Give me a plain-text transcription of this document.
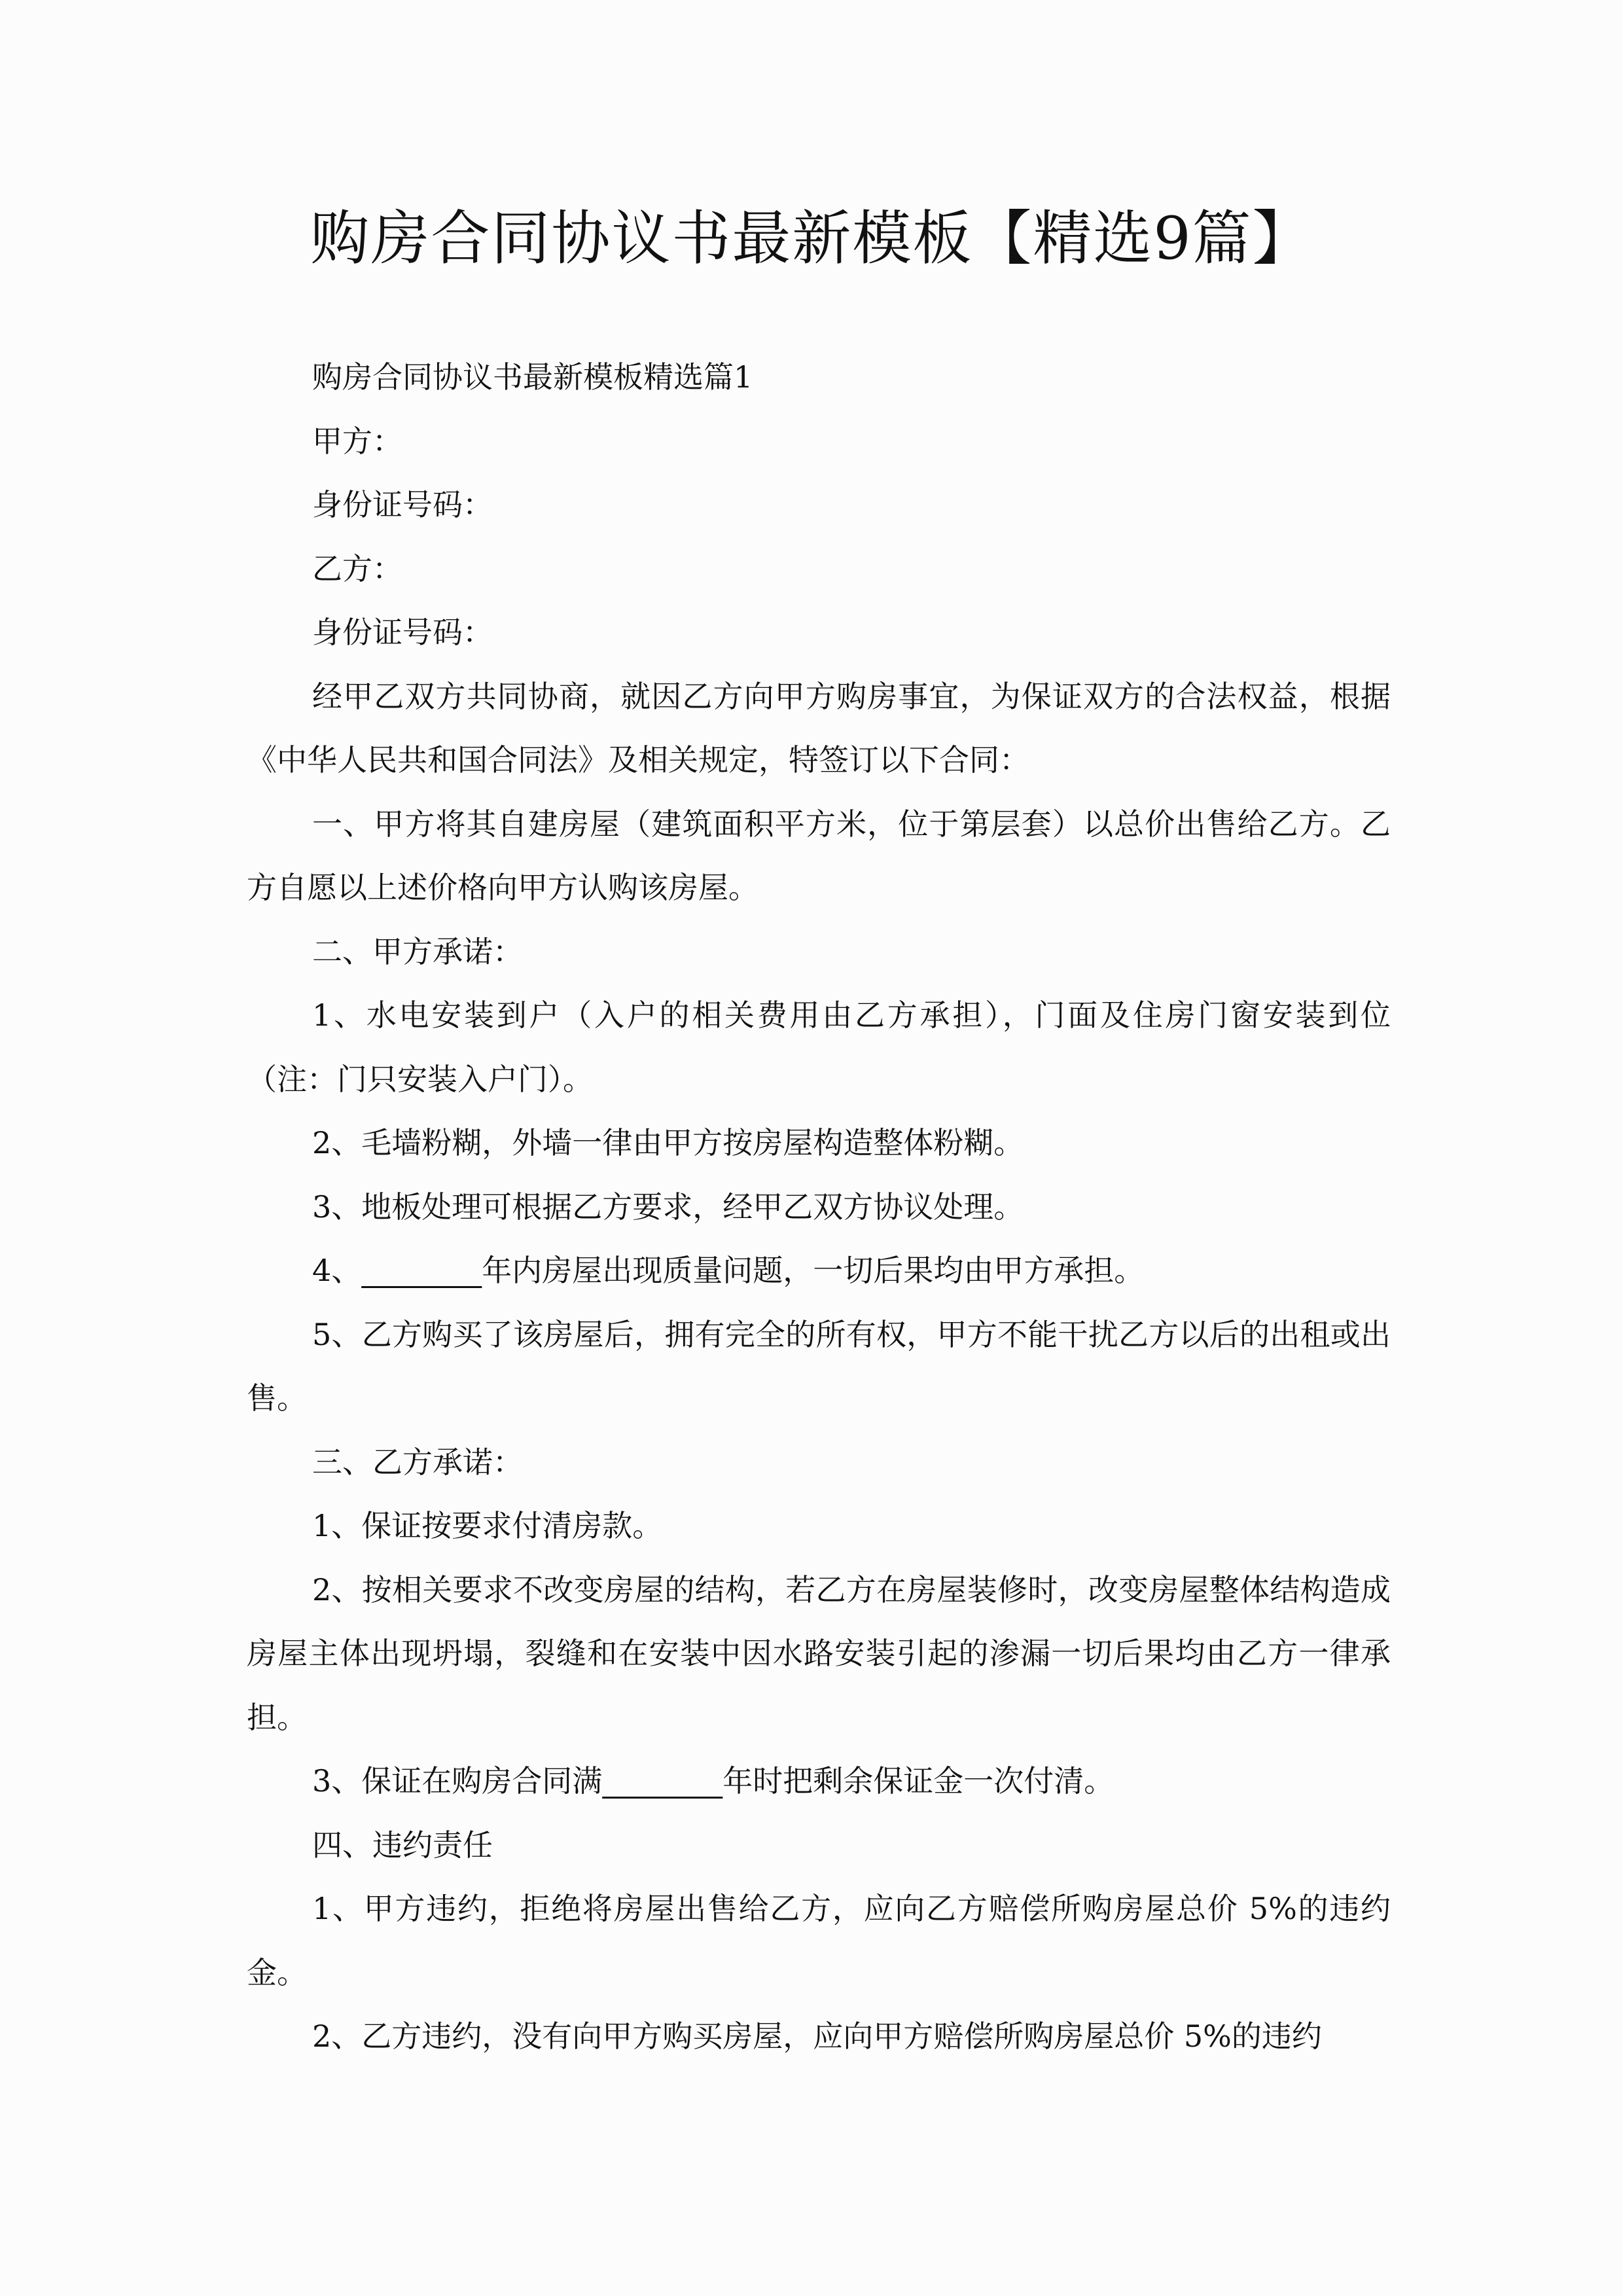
购房合同协议书最新模板【精选9篇】

购房合同协议书最新模板精选篇1

甲方：

身份证号码：

乙方：

身份证号码：

经甲乙双方共同协商，就因乙方向甲方购房事宜，为保证双方的合法权益，根据《中华人民共和国合同法》及相关规定，特签订以下合同：

一、甲方将其自建房屋（建筑面积平方米，位于第层套）以总价出售给乙方。乙方自愿以上述价格向甲方认购该房屋。

二、甲方承诺：

1、水电安装到户（入户的相关费用由乙方承担），门面及住房门窗安装到位（注：门只安装入户门）。

2、毛墙粉糊，外墙一律由甲方按房屋构造整体粉糊。

3、地板处理可根据乙方要求，经甲乙双方协议处理。

4、________年内房屋出现质量问题，一切后果均由甲方承担。

5、乙方购买了该房屋后，拥有完全的所有权，甲方不能干扰乙方以后的出租或出售。

三、乙方承诺：

1、保证按要求付清房款。

2、按相关要求不改变房屋的结构，若乙方在房屋装修时，改变房屋整体结构造成房屋主体出现坍塌，裂缝和在安装中因水路安装引起的渗漏一切后果均由乙方一律承担。

3、保证在购房合同满________年时把剩余保证金一次付清。

四、违约责任

1、甲方违约，拒绝将房屋出售给乙方，应向乙方赔偿所购房屋总价 5%的违约金。

2、乙方违约，没有向甲方购买房屋，应向甲方赔偿所购房屋总价 5%的违约
